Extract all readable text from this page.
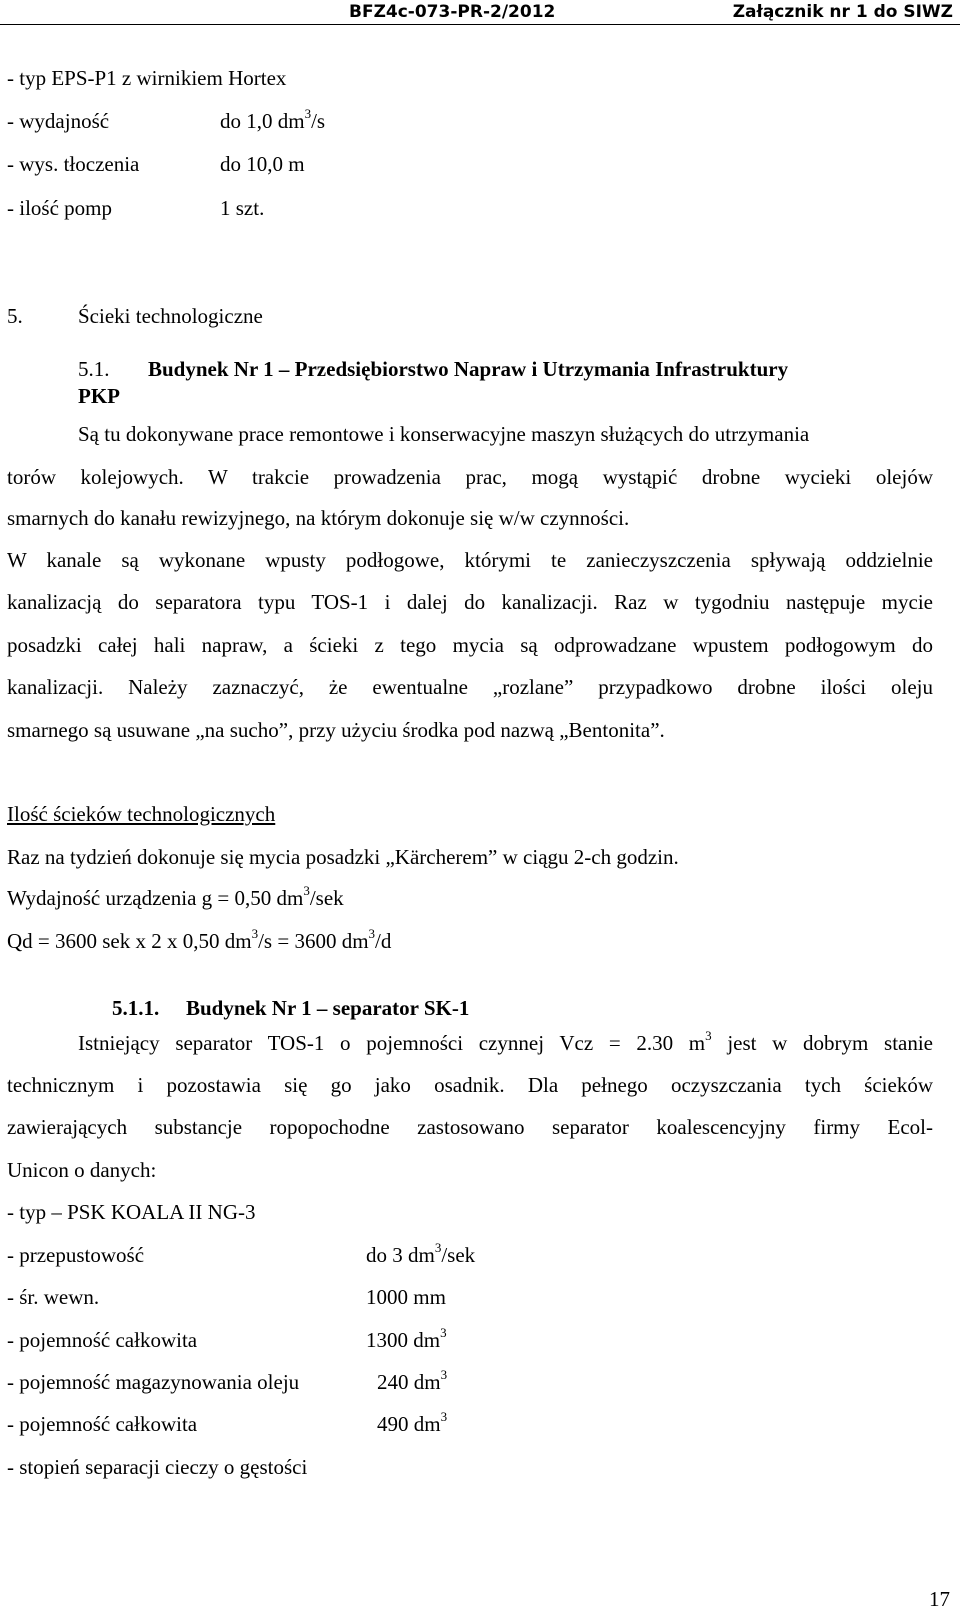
BFZ4c-073-PR-2/2012	Załącznik nr 1 do SIWZ
- typ EPS-P1 z wirnikiem Hortex
- wydajność	do 1,0 $dm^3/s$
- wys. tłoczenia	do 10,0 m
- ilość pomp	1 szt.
5.	Ścieki technologiczne
5.1. Budynek Nr 1 – Przedsiębiorstwo Napraw i Utrzymania Infrastruktury
PKP
Są tu dokonywane prace remontowe i konserwacyjne maszyn służących do utrzymania
torów kolejowych. W trakcie prowadzenia prac, mogą wystąpić drobne wycieki olejów
smarnych do kanału rewizyjnego, na którym dokonuje się w/w czynności.
W kanale są wykonane wpusty podłogowe, którymi te zanieczyszczenia spływają oddzielnie
kanalizacją do separatora typu TOS-1 i dalej do kanalizacji. Raz w tygodniu następuje mycie
posadzki całej hali napraw, a ścieki z tego mycia są odprowadzane wpustem podłogowym do
kanalizacji. Należy zaznaczyć, że ewentualne „rozlane” przypadkowo drobne ilości oleju
smarnego są usuwane „na sucho”, przy użyciu środka pod nazwą „Bentonita”.
Ilość ścieków technologicznych
Raz na tydzień dokonuje się mycia posadzki „Kärcherem” w ciągu 2-ch godzin.
Wydajność urządzenia g = 0,50 $dm^3$/sek
Qd = 3600 sek x 2 x 0,50 $dm^3/s = 3600$ $dm^3/d$
5.1.1. Budynek Nr 1 – separator SK-1
Istniejący separator TOS-1 o pojemności czynnej Vcz = 2.30 $m^3$ jest w dobrym stanie
technicznym i pozostawia się go jako osadnik. Dla pełnego oczyszczania tych ścieków
zawierających substancje ropopochodne zastosowano separator koalescencyjny firmy Ecol-
Unicon o danych:
- typ – PSK KOALA II NG-3
- przepustowość	do 3 $dm^3$/sek
- śr. wewn.	1000 mm
- pojemność całkowita	1300 $dm^3$
- pojemność magazynowania oleju	240 $dm^3$
- pojemność całkowita	490 $dm^3$
- stopień separacji cieczy o gęstości
17
